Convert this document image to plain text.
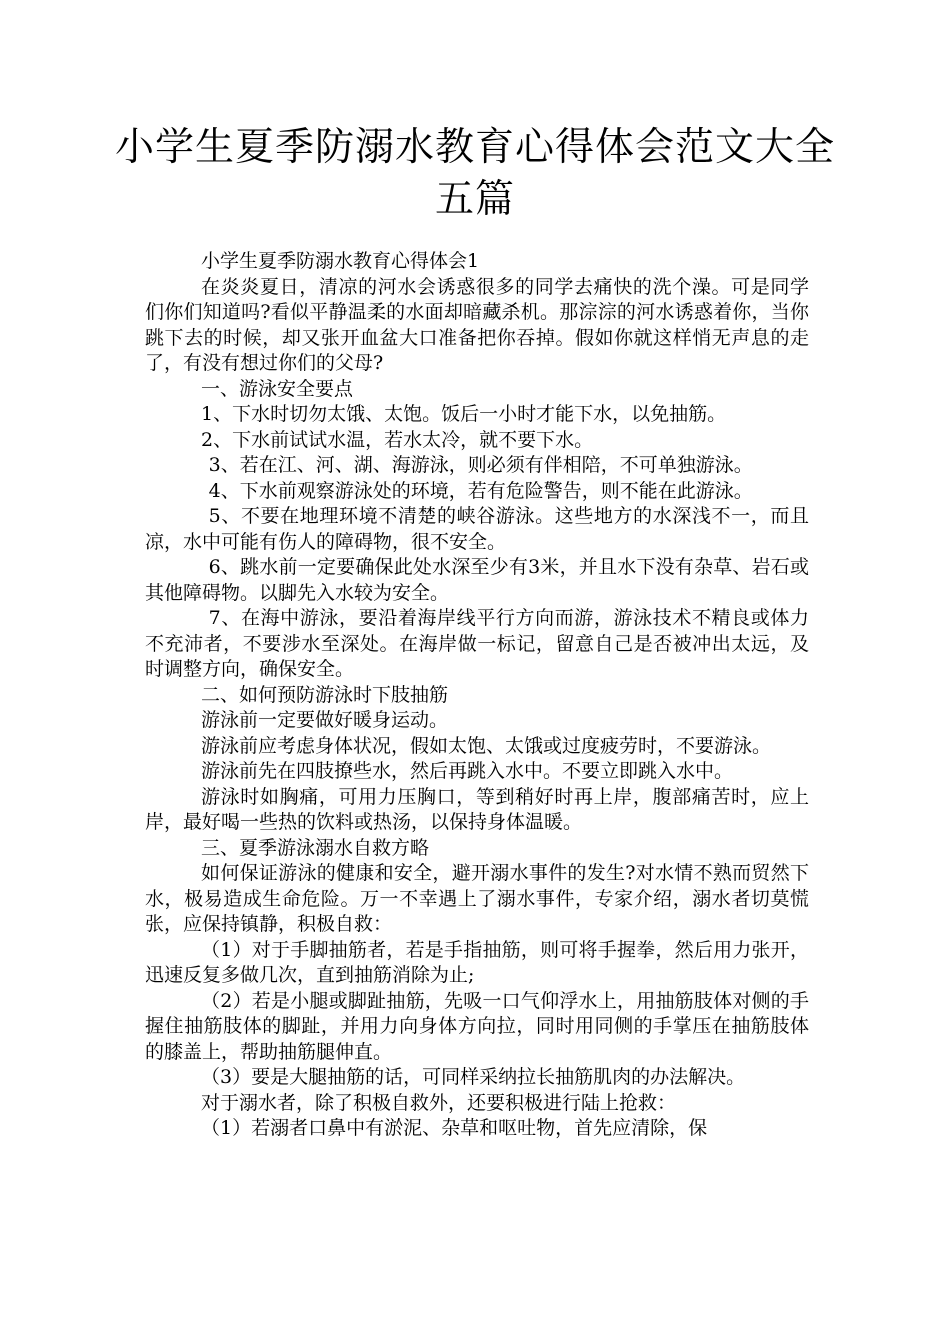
小学生夏季防溺水教育心得体会范文大全
五篇

小学生夏季防溺水教育心得体会1

在炎炎夏日，清凉的河水会诱惑很多的同学去痛快的洗个澡。可是同学们你们知道吗?看似平静温柔的水面却暗藏杀机。那淙淙的河水诱惑着你，当你跳下去的时候，却又张开血盆大口准备把你吞掉。假如你就这样悄无声息的走了，有没有想过你们的父母?

一、游泳安全要点

1、下水时切勿太饿、太饱。饭后一小时才能下水，以免抽筋。

2、下水前试试水温，若水太冷，就不要下水。

3、若在江、河、湖、海游泳，则必须有伴相陪，不可单独游泳。

4、下水前观察游泳处的环境，若有危险警告，则不能在此游泳。

5、不要在地理环境不清楚的峡谷游泳。这些地方的水深浅不一，而且凉，水中可能有伤人的障碍物，很不安全。

6、跳水前一定要确保此处水深至少有3米，并且水下没有杂草、岩石或其他障碍物。以脚先入水较为安全。

7、在海中游泳，要沿着海岸线平行方向而游，游泳技术不精良或体力不充沛者，不要涉水至深处。在海岸做一标记，留意自己是否被冲出太远，及时调整方向，确保安全。

二、如何预防游泳时下肢抽筋

游泳前一定要做好暖身运动。

游泳前应考虑身体状况，假如太饱、太饿或过度疲劳时，不要游泳。

游泳前先在四肢撩些水，然后再跳入水中。不要立即跳入水中。

游泳时如胸痛，可用力压胸口，等到稍好时再上岸，腹部痛苦时，应上岸，最好喝一些热的饮料或热汤，以保持身体温暖。

三、夏季游泳溺水自救方略

如何保证游泳的健康和安全，避开溺水事件的发生?对水情不熟而贸然下水，极易造成生命危险。万一不幸遇上了溺水事件，专家介绍，溺水者切莫慌张，应保持镇静，积极自救：

（1）对于手脚抽筋者，若是手指抽筋，则可将手握拳，然后用力张开，迅速反复多做几次，直到抽筋消除为止;

（2）若是小腿或脚趾抽筋，先吸一口气仰浮水上，用抽筋肢体对侧的手握住抽筋肢体的脚趾，并用力向身体方向拉，同时用同侧的手掌压在抽筋肢体的膝盖上，帮助抽筋腿伸直。

（3）要是大腿抽筋的话，可同样采纳拉长抽筋肌肉的办法解决。

对于溺水者，除了积极自救外，还要积极进行陆上抢救：

（1）若溺者口鼻中有淤泥、杂草和呕吐物，首先应清除，保
